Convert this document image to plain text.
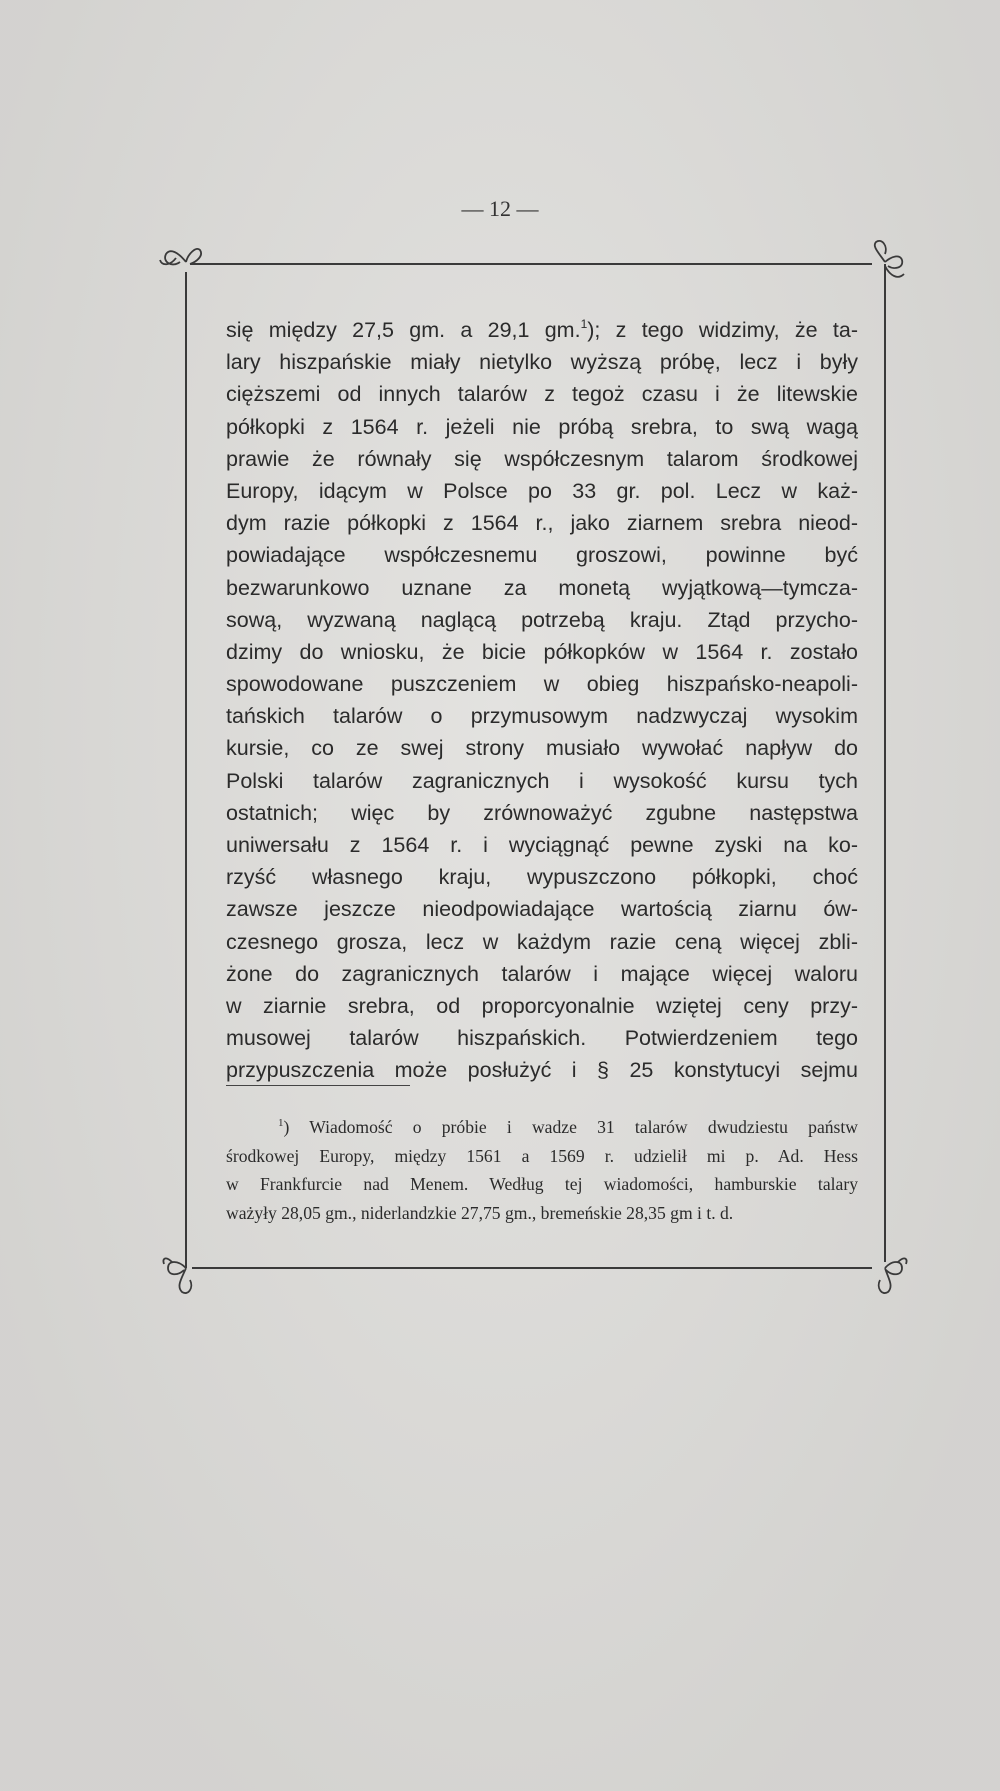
— 12 —
się między 27,5 gm. a 29,1 gm.$^1$); z tego widzimy, że ta-
lary hiszpańskie miały nietylko wyższą próbę, lecz i były
cięższemi od innych talarów z tegoż czasu i że litewskie
półkopki z 1564 r. jeżeli nie próbą srebra, to swą wagą
prawie że równały się współczesnym talarom środkowej
Europy, idącym w Polsce po 33 gr. pol. Lecz w każ-
dym razie półkopki z 1564 r., jako ziarnem srebra nieod-
powiadające współczesnemu groszowi, powinne być
bezwarunkowo uznane za monetą wyjątkową—tymcza-
sową, wyzwaną naglącą potrzebą kraju. Ztąd przycho-
dzimy do wniosku, że bicie półkopków w 1564 r. zostało
spowodowane puszczeniem w obieg hiszpańsko-neapoli-
tańskich talarów o przymusowym nadzwyczaj wysokim
kursie, co ze swej strony musiało wywołać napływ do
Polski talarów zagranicznych i wysokość kursu tych
ostatnich; więc by zrównoważyć zgubne następstwa
uniwersału z 1564 r. i wyciągnąć pewne zyski na ko-
rzyść własnego kraju, wypuszczono półkopki, choć
zawsze jeszcze nieodpowiadające wartością ziarnu ów-
czesnego grosza, lecz w każdym razie ceną więcej zbli-
żone do zagranicznych talarów i mające więcej waloru
w ziarnie srebra, od proporcyonalnie wziętej ceny przy-
musowej talarów hiszpańskich. Potwierdzeniem tego
przypuszczenia może posłużyć i § 25 konstytucyi sejmu
$^1$) Wiadomość o próbie i wadze 31 talarów dwudziestu państw
środkowej Europy, między 1561 a 1569 r. udzielił mi p. Ad. Hess
w Frankfurcie nad Menem. Według tej wiadomości, hamburskie talary
ważyły 28,05 gm., niderlandzkie 27,75 gm., bremeńskie 28,35 gm i t. d.
